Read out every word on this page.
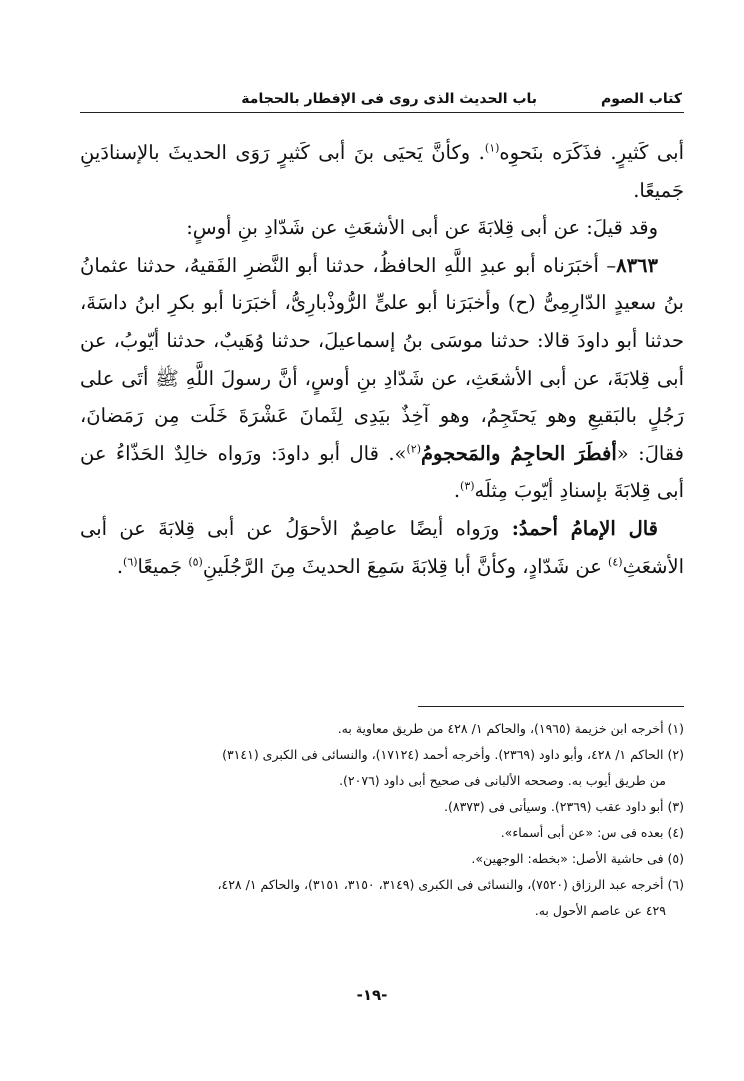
كتاب الصوم
باب الحديث الذى روى فى الإفطار بالحجامة

أبى كَثيرٍ. فذَكَرَه بنَحوِه$^{(١)}$. وكأنَّ يَحيَى بنَ أبى كَثيرٍ رَوَى الحديثَ بالإسنادَينِ جَميعًا.

وقد قيلَ: عن أبى قِلابَةَ عن أبى الأشعَثِ عن شَدّادِ بنِ أوسٍ:

٨٣٦٣– أخبَرَناه أبو عبدِ اللَّهِ الحافظُ، حدثنا أبو النَّضرِ الفَقيهُ، حدثنا عثمانُ بنُ سعيدٍ الدّارِمِىُّ (ح) وأخبَرَنا أبو علىٍّ الرُّوذْبارِىُّ، أخبَرَنا أبو بكرِ ابنُ داسَةَ، حدثنا أبو داودَ قالا: حدثنا موسَى بنُ إسماعيلَ، حدثنا وُهَيبٌ، حدثنا أيّوبُ، عن أبى قِلابَةَ، عن أبى الأشعَثِ، عن شَدّادِ بنِ أوسٍ، أنَّ رسولَ اللَّهِ ﷺ أتَى على رَجُلٍ بالبَقيعِ وهو يَحتَجِمُ، وهو آخِذٌ بيَدِى لِثَمانَ عَشْرَةَ خَلَت مِن رَمَضانَ، فقالَ: «أفطَرَ الحاجِمُ والمَحجومُ$^{(٢)}$». قال أبو داودَ: ورَواه خالِدٌ الحَذّاءُ عن أبى قِلابَةَ بإسنادِ أيّوبَ مِثلَه$^{(٣)}$.

قال الإمامُ أحمدُ: ورَواه أيضًا عاصِمٌ الأحوَلُ عن أبى قِلابَةَ عن أبى الأشعَثِ$^{(٤)}$ عن شَدّادٍ، وكأنَّ أبا قِلابَةَ سَمِعَ الحديثَ مِنَ الرَّجُلَينِ$^{(٥)}$ جَميعًا$^{(٦)}$.

(١) أخرجه ابن خزيمة (١٩٦٥)، والحاكم ١/ ٤٢٨ من طريق معاوية به.

(٢) الحاكم ١/ ٤٢٨، وأبو داود (٢٣٦٩). وأخرجه أحمد (١٧١٢٤)، والنسائى فى الكبرى (٣١٤١)

من طريق أيوب به. وصححه الألبانى فى صحيح أبى داود (٢٠٧٦).

(٣) أبو داود عقب (٢٣٦٩). وسيأتى فى (٨٣٧٣).

(٤) بعده فى س: «عن أبى أسماء».

(٥) فى حاشية الأصل: «بخطه: الوجهين».

(٦) أخرجه عبد الرزاق (٧٥٢٠)، والنسائى فى الكبرى (٣١٤٩، ٣١٥٠، ٣١٥١)، والحاكم ١/ ٤٢٨،

٤٢٩ عن عاصم الأحول به.

-١٩-
